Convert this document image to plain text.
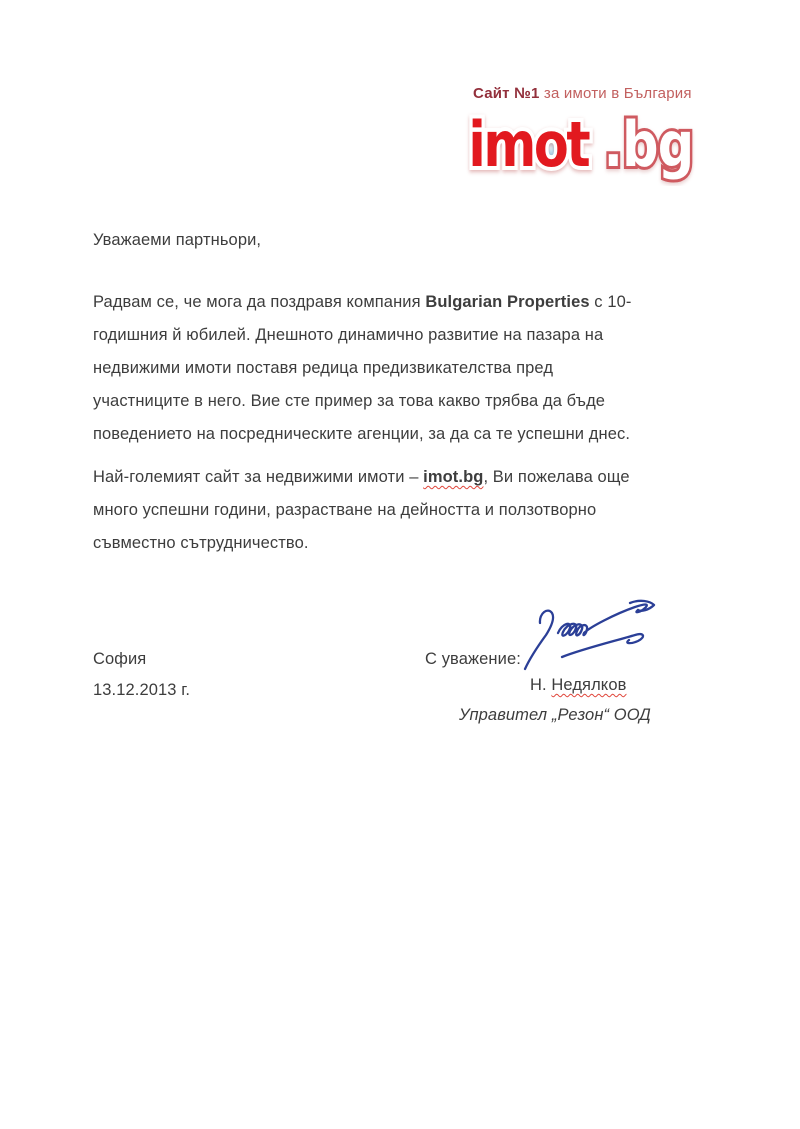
Сайт №1 за имоти в България
imot .bg
Уважаеми партньори,
Радвам се, че мога да поздравя компания Bulgarian Properties с 10-
годишния й юбилей. Днешното динамично развитие на пазара на
недвижими имоти поставя редица предизвикателства пред
участниците в него. Вие сте пример за това какво трябва да бъде
поведението на посредническите агенции, за да са те успешни днес.
Най-големият сайт за недвижими имоти – imot.bg, Ви пожелава още
много успешни години, разрастване на дейността и ползотворно
съвместно сътрудничество.
София
13.12.2013 г.
С уважение:
Н. Недялков
Управител „Резон“ ООД
